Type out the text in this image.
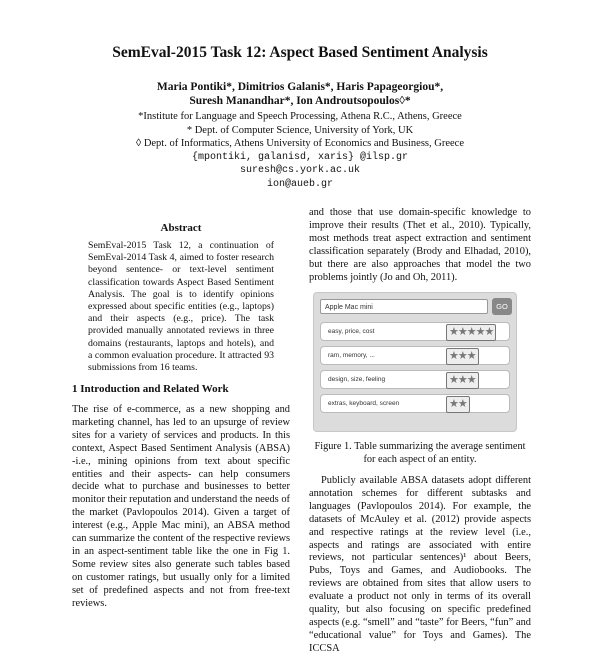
SemEval-2015 Task 12: Aspect Based Sentiment Analysis
Maria Pontiki*, Dimitrios Galanis*, Haris Papageorgiou*,
Suresh Manandhar*, Ion Androutsopoulos◊*
*Institute for Language and Speech Processing, Athena R.C., Athens, Greece
* Dept. of Computer Science, University of York, UK
◊ Dept. of Informatics, Athens University of Economics and Business, Greece
{mpontiki, galanisd, xaris} @ilsp.gr
suresh@cs.york.ac.uk
ion@aueb.gr
Abstract
SemEval-2015 Task 12, a continuation of SemEval-2014 Task 4, aimed to foster research beyond sentence- or text-level sentiment classification towards Aspect Based Sentiment Analysis. The goal is to identify opinions expressed about specific entities (e.g., laptops) and their aspects (e.g., price). The task provided manually annotated reviews in three domains (restaurants, laptops and hotels), and a common evaluation procedure. It attracted 93 submissions from 16 teams.
1 Introduction and Related Work
The rise of e-commerce, as a new shopping and marketing channel, has led to an upsurge of review sites for a variety of services and products. In this context, Aspect Based Sentiment Analysis (ABSA) -i.e., mining opinions from text about specific entities and their aspects- can help consumers decide what to purchase and businesses to better monitor their reputation and understand the needs of the market (Pavlopoulos 2014). Given a target of interest (e.g., Apple Mac mini), an ABSA method can summarize the content of the respective reviews in an aspect-sentiment table like the one in Fig 1. Some review sites also generate such tables based on customer ratings, but usually only for a limited set of predefined aspects and not from free-text reviews.
and those that use domain-specific knowledge to improve their results (Thet et al., 2010). Typically, most methods treat aspect extraction and sentiment classification separately (Brody and Elhadad, 2010), but there are also approaches that model the two problems jointly (Jo and Oh, 2011).
Apple Mac mini	GO
easy, price, cost	★★★★★
ram, memory, ...	★★★
design, size, feeling	★★★
extras, keyboard, screen	★★
Figure 1. Table summarizing the average sentiment for each aspect of an entity.

Publicly available ABSA datasets adopt different annotation schemes for different subtasks and languages (Pavlopoulos 2014). For example, the datasets of McAuley et al. (2012) provide aspects and respective ratings at the review level (i.e., aspects and ratings are associated with entire reviews, not particular sentences)¹ about Beers, Pubs, Toys and Games, and Audiobooks. The reviews are obtained from sites that allow users to evaluate a product not only in terms of its overall quality, but also focusing on specific predefined aspects (e.g. “smell” and “taste” for Beers, “fun” and “educational value” for Toys and Games). The ICCSA
